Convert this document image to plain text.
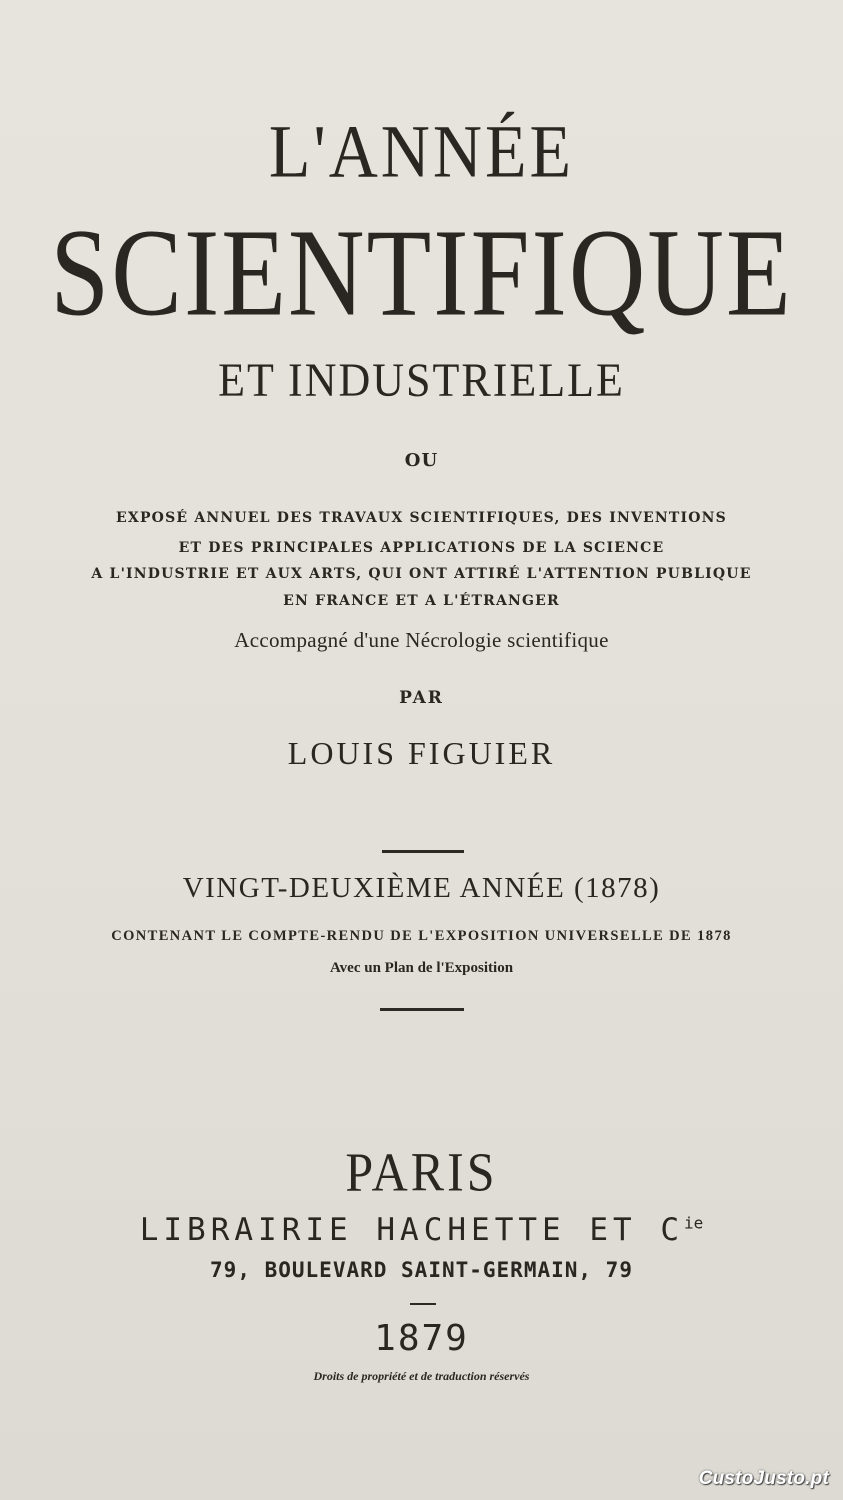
L'ANNÉE
SCIENTIFIQUE
ET INDUSTRIELLE
OU
EXPOSÉ ANNUEL DES TRAVAUX SCIENTIFIQUES, DES INVENTIONS
ET DES PRINCIPALES APPLICATIONS DE LA SCIENCE
A L'INDUSTRIE ET AUX ARTS, QUI ONT ATTIRÉ L'ATTENTION PUBLIQUE
EN FRANCE ET A L'ÉTRANGER
Accompagné d'une Nécrologie scientifique
PAR
LOUIS FIGUIER
VINGT-DEUXIÈME ANNÉE (1878)
CONTENANT LE COMPTE-RENDU DE L'EXPOSITION UNIVERSELLE DE 1878
Avec un Plan de l'Exposition
PARIS
LIBRAIRIE HACHETTE ET $C^{ie}$
79, BOULEVARD SAINT-GERMAIN, 79
1879
Droits de propriété et de traduction réservés
CustoJusto.pt
